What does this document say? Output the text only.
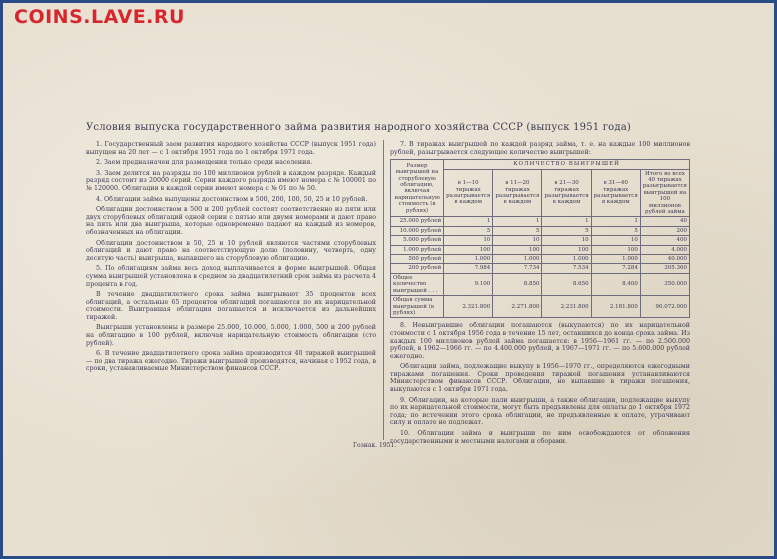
COINS.LAVE.RU
Условия выпуска государственного займа развития народного хозяйства СССР (выпуск 1951 года)

1. Государственный заем развития народного хозяйства СССР (выпуск 1951 года) выпущен на 20 лет — с 1 октября 1951 года по 1 октября 1971 года.

2. Заем предназначен для размещения только среди населения.

3. Заем делится на разряды по 100 миллионов рублей в каждом разряде. Каждый разряд состоит из 20000 серий. Серии каждого разряда имеют номера с № 100001 по № 120000. Облигации в каждой серии имеют номера с № 01 по № 50.

4. Облигации займа выпущены достоинством в 500, 200, 100, 50, 25 и 10 рублей.

Облигации достоинством в 500 и 200 рублей состоят соответственно из пяти или двух сторублевых облигаций одной серии с пятью или двумя номерами и дают право на пять или два выигрыша, которые одновременно падают на каждый из номеров, обозначенных на облигации.

Облигации достоинством в 50, 25 и 10 рублей являются частями сторублевых облигаций и дают право на соответствующую долю (половину, четверть, одну десятую часть) выигрыша, выпавшего на сторублевую облигацию.

5. По облигациям займа весь доход выплачивается в форме выигрышей. Общая сумма выигрышей установлена в среднем за двадцатилетний срок займа из расчета 4 процента в год.

В течение двадцатилетнего срока займа выигрывают 35 процентов всех облигаций, а остальные 65 процентов облигаций погашаются по их нарицательной стоимости. Выигравшая облигация погашается и исключается из дальнейших тиражей.

Выигрыши установлены в размере 25.000, 10.000, 5.000, 1.000, 500 и 200 рублей на облигацию в 100 рублей, включая нарицательную стоимость облигации (сто рублей).

6. В течение двадцатилетнего срока займа производится 40 тиражей выигрышей — по два тиража ежегодно. Тиражи выигрышей производятся, начиная с 1952 года, в сроки, устанавливаемые Министерством финансов СССР.

7. В тиражах выигрышей по каждой разряд займа, т. е. на каждые 100 миллионов рублей, разыгрывается следующее количество выигрышей:

Размер выигрышей на сторублевую облигацию, включая нарицательную стоимость (в рублях)	КОЛИЧЕСТВО ВЫИГРЫШЕЙ				
	в 1—10 тиражах разыгрывается в каждом	в 11—20 тиражах разыгрывается в каждом	в 21—30 тиражах разыгрывается в каждом	в 31—40 тиражах разыгрывается в каждом	Итого во всех 40 тиражах разыгрывается выигрышей на 100 миллионов рублей займа
25.000 рублей	1	1	1	1	40
10.000 рублей	5	5	5	5	200
5.000 рублей	10	10	10	10	400
1.000 рублей	100	100	100	100	4.000
500 рублей	1.000	1.000	1.000	1.000	40.000
200 рублей	7.984	7.734	7.534	7.284	305.360
Общее количество выигрышей . . .	9.100	8.850	8.650	8.400	350.000
Общая сумма выигрышей (в рублях)	2.321.800	2.271.800	2.231.800	2.181.800	90.072.000

8. Невыигравшие облигации погашаются (выкупаются) по их нарицательной стоимости с 1 октября 1956 года в течение 15 лет, оставшихся до конца срока займа. Из каждых 100 миллионов рублей займа погашается: в 1956—1961 гг. — по 2.500.000 рублей, в 1962—1966 гг. — по 4.400.000 рублей, в 1967—1971 гг. — по 5.600.000 рублей ежегодно.

Облигации займа, подлежащие выкупу в 1956—1970 гг., определяются ежегодными тиражами погашения. Сроки проведения тиражей погашения устанавливаются Министерством финансов СССР. Облигации, не выпавшие в тиражи погашения, выкупаются с 1 октября 1971 года.

9. Облигации, на которые пали выигрыши, а также облигации, подлежащие выкупу по их нарицательной стоимости, могут быть предъявлены для оплаты до 1 октября 1972 года; по истечении этого срока облигации, не предъявленные к оплате, утрачивают силу и оплате не подлежат.

10. Облигации займа и выигрыши по ним освобождаются от обложения государственными и местными налогами и сборами.

Гознак. 1951.
